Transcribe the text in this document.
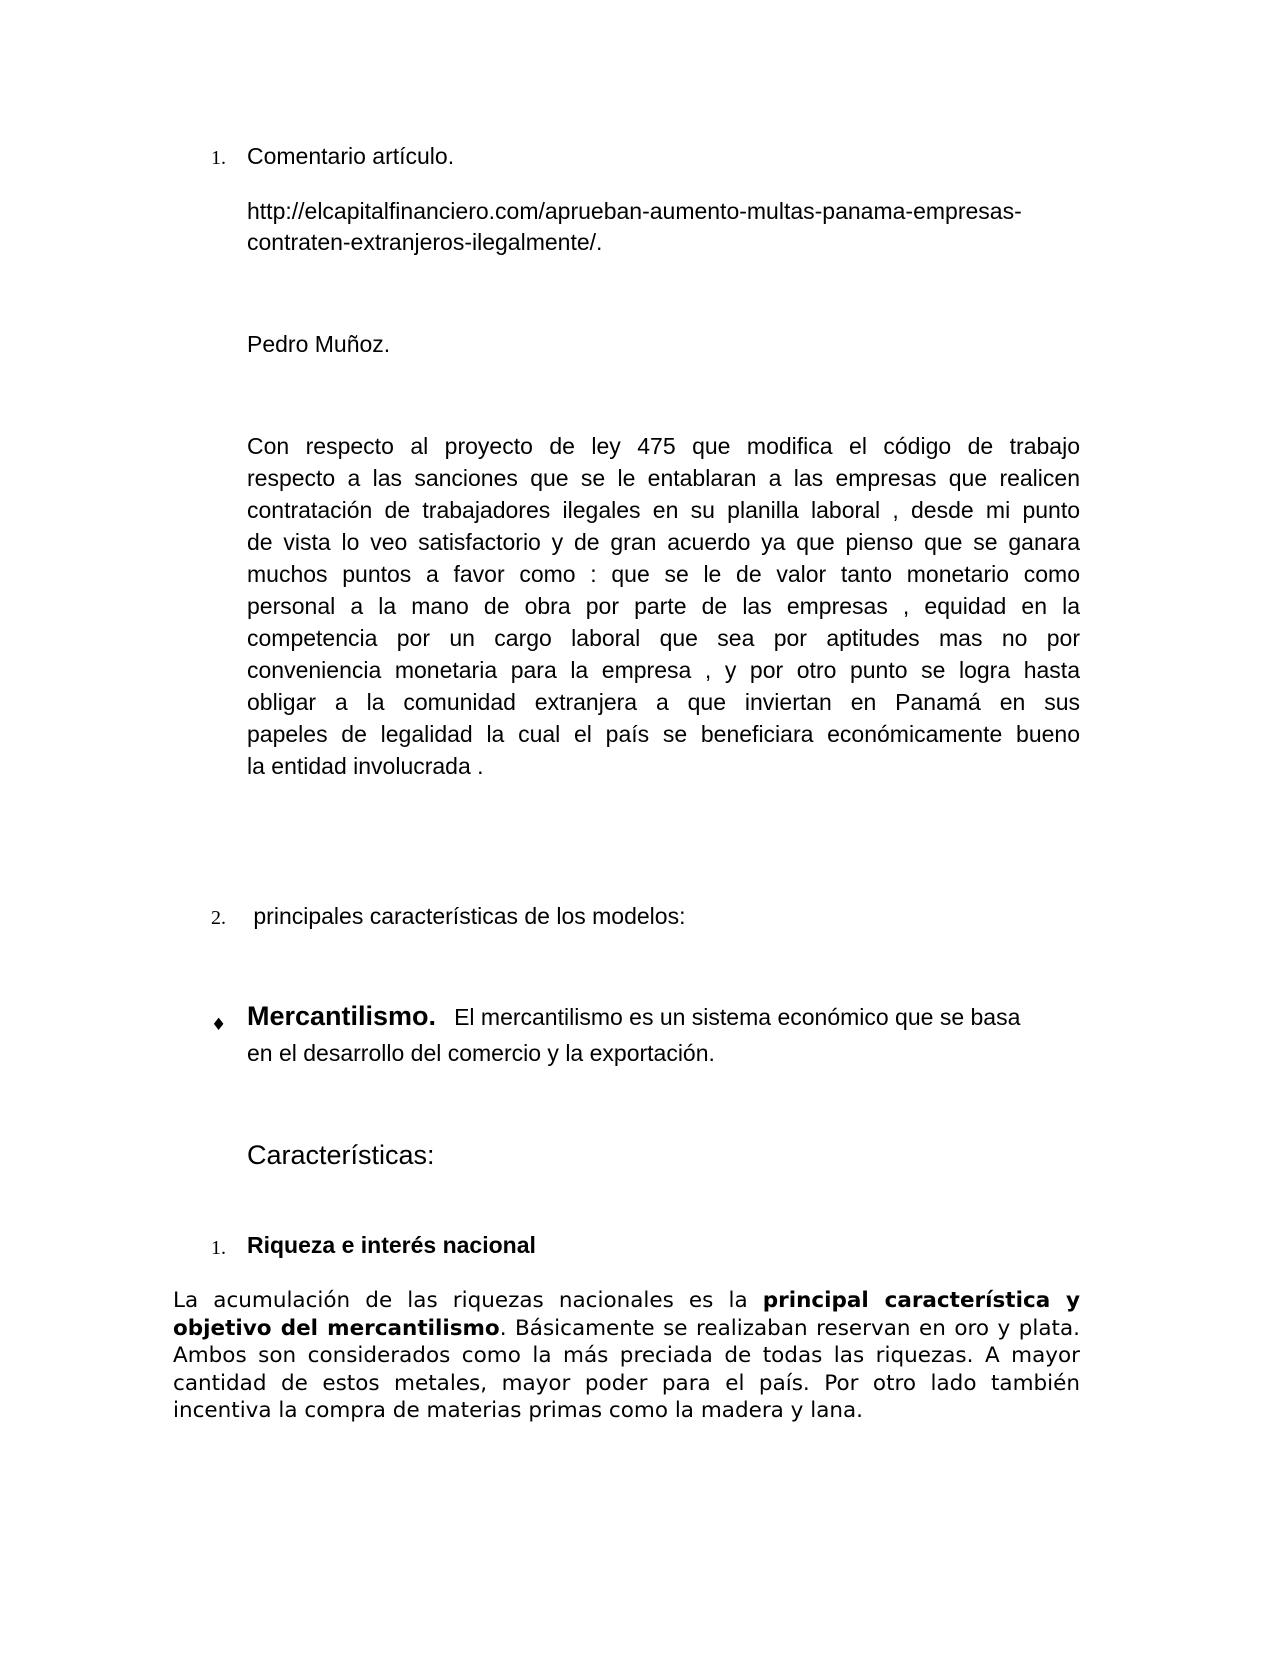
1. Comentario artículo.
http://elcapitalfinanciero.com/aprueban-aumento-multas-panama-empresas-
contraten-extranjeros-ilegalmente/.
Pedro Muñoz.
Con respecto al proyecto de ley 475 que modifica el código de trabajo
respecto a las sanciones que se le entablaran a las empresas que realicen
contratación de trabajadores ilegales en su planilla laboral , desde mi punto
de vista lo veo satisfactorio y de gran acuerdo ya que pienso que se ganara
muchos puntos a favor como : que se le de valor tanto monetario como
personal a la mano de obra por parte de las empresas , equidad en la
competencia por un cargo laboral que sea por aptitudes mas no por
conveniencia monetaria para la empresa , y por otro punto se logra hasta
obligar a la comunidad extranjera a que inviertan en Panamá en sus
papeles de legalidad la cual el país se beneficiara económicamente bueno
la entidad involucrada .
2. principales características de los modelos:
♦ Mercantilismo. El mercantilismo es un sistema económico que se basa
en el desarrollo del comercio y la exportación.
Características:
1. Riqueza e interés nacional
La acumulación de las riquezas nacionales es la principal característica y
objetivo del mercantilismo. Básicamente se realizaban reservan en oro y plata.
Ambos son considerados como la más preciada de todas las riquezas. A mayor
cantidad de estos metales, mayor poder para el país. Por otro lado también
incentiva la compra de materias primas como la madera y lana.
